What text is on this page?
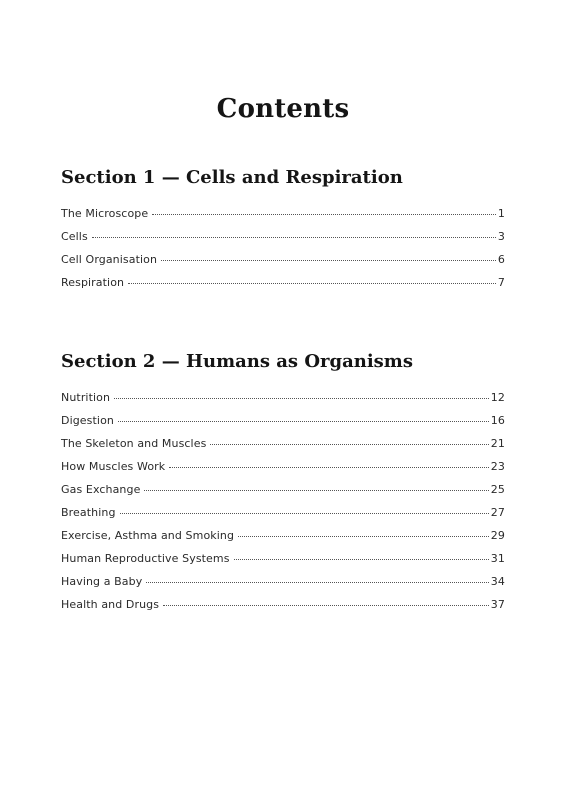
Contents
Section 1 — Cells and Respiration
The Microscope	1
Cells	3
Cell Organisation	6
Respiration	7
Section 2 — Humans as Organisms
Nutrition	12
Digestion	16
The Skeleton and Muscles	21
How Muscles Work	23
Gas Exchange	25
Breathing	27
Exercise, Asthma and Smoking	29
Human Reproductive Systems	31
Having a Baby	34
Health and Drugs	37
